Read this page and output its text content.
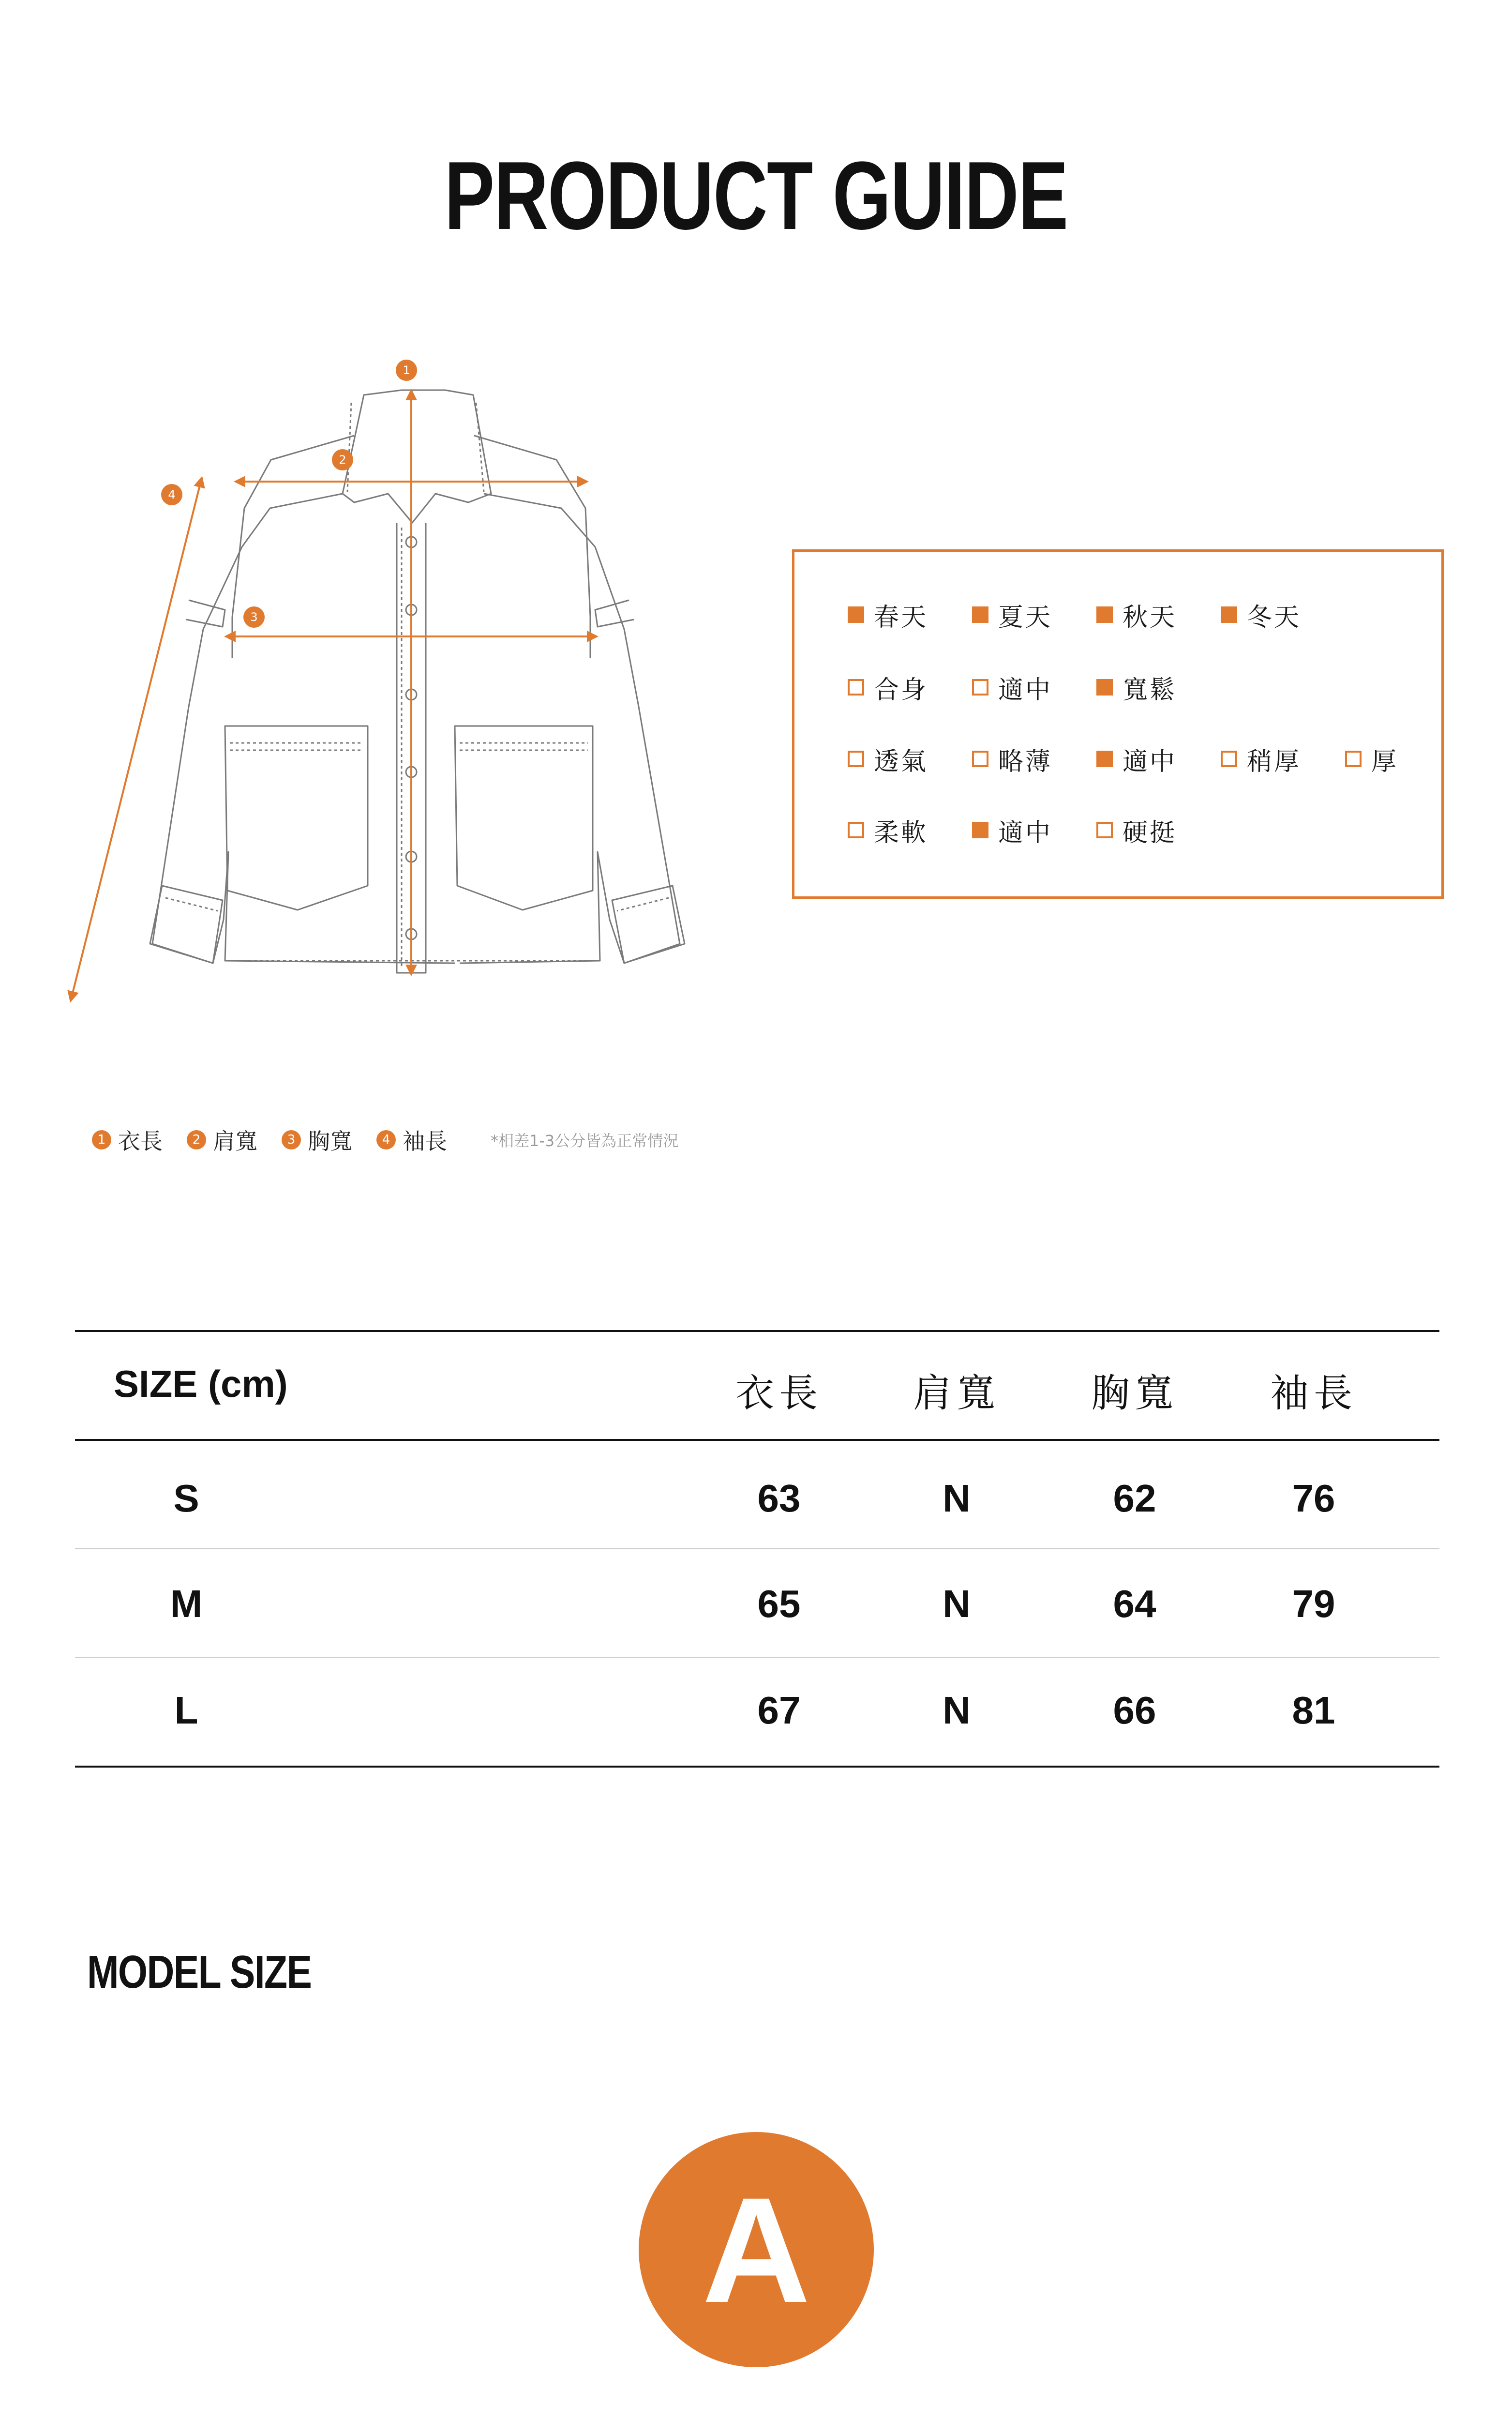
PRODUCT GUIDE
1
2
3
4
1 衣長	2 肩寬	3 胸寬	4 袖長	*相差1-3公分皆為正常情況
春天	夏天	秋天	冬天
合身	適中	寬鬆
透氣	略薄	適中	稍厚	厚
柔軟	適中	硬挺
SIZE (cm)	衣長	肩寬	胸寬	袖長
S	63	N	62	76
M	65	N	64	79
L	67	N	66	81
MODEL SIZE
A
